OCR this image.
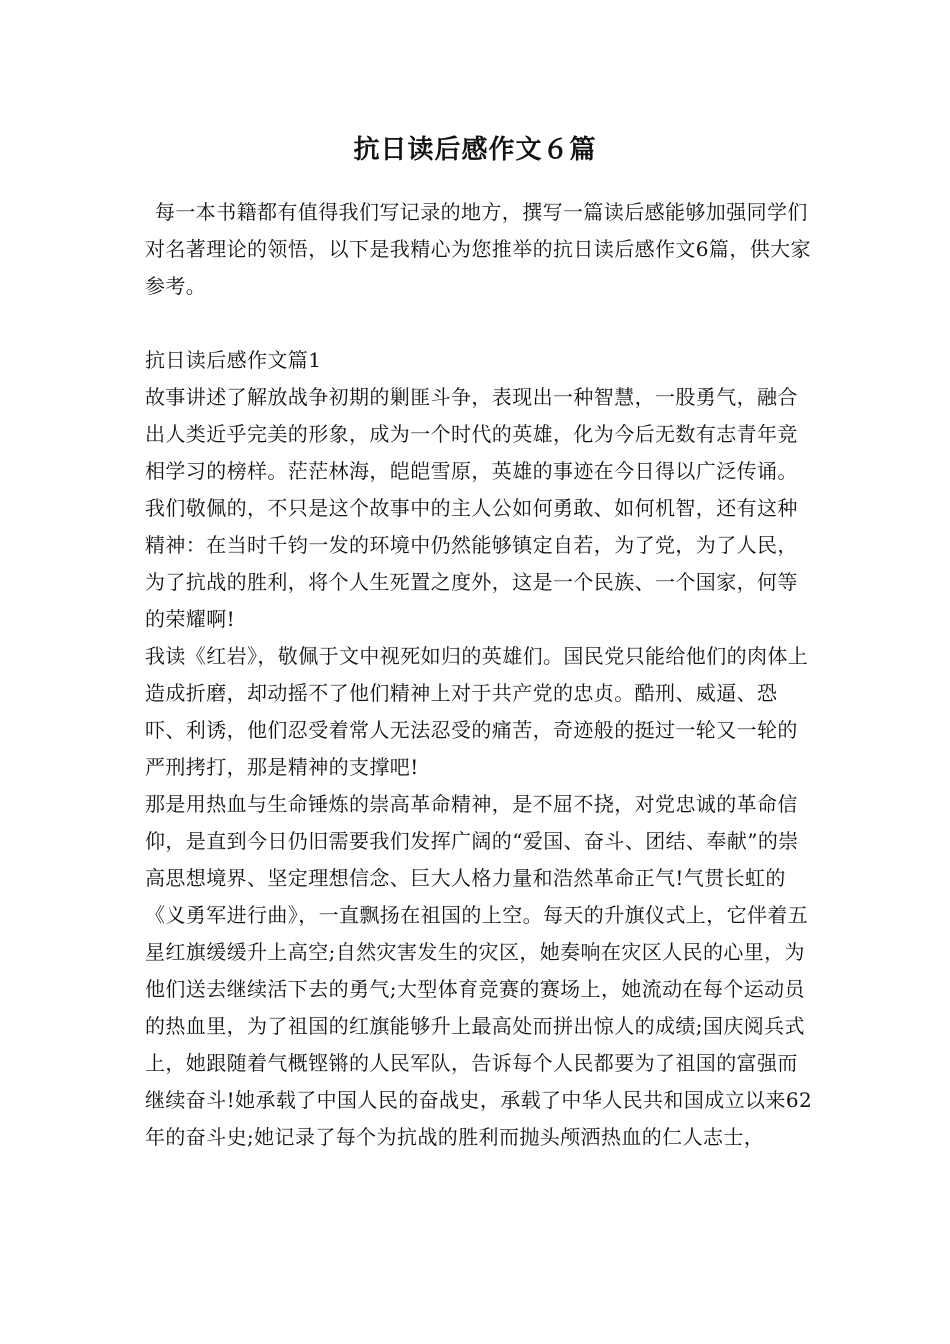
抗日读后感作文６篇

每一本书籍都有值得我们写记录的地方，撰写一篇读后感能够加强同学们对名著理论的领悟，以下是我精心为您推举的抗日读后感作文6篇，供大家参考。

抗日读后感作文篇1

故事讲述了解放战争初期的剿匪斗争，表现出一种智慧，一股勇气，融合出人类近乎完美的形象，成为一个时代的英雄，化为今后无数有志青年竞相学习的榜样。茫茫林海，皑皑雪原，英雄的事迹在今日得以广泛传诵。我们敬佩的，不只是这个故事中的主人公如何勇敢、如何机智，还有这种精神：在当时千钧一发的环境中仍然能够镇定自若，为了党，为了人民，为了抗战的胜利，将个人生死置之度外，这是一个民族、一个国家，何等的荣耀啊!

我读《红岩》，敬佩于文中视死如归的英雄们。国民党只能给他们的肉体上造成折磨，却动摇不了他们精神上对于共产党的忠贞。酷刑、威逼、恐吓、利诱，他们忍受着常人无法忍受的痛苦，奇迹般的挺过一轮又一轮的严刑拷打，那是精神的支撑吧!

那是用热血与生命锤炼的崇高革命精神，是不屈不挠，对党忠诚的革命信仰，是直到今日仍旧需要我们发挥广阔的“爱国、奋斗、团结、奉献”的崇高思想境界、坚定理想信念、巨大人格力量和浩然革命正气!气贯长虹的《义勇军进行曲》，一直飘扬在祖国的上空。每天的升旗仪式上，它伴着五星红旗缓缓升上高空;自然灾害发生的灾区，她奏响在灾区人民的心里，为他们送去继续活下去的勇气;大型体育竞赛的赛场上，她流动在每个运动员的热血里，为了祖国的红旗能够升上最高处而拼出惊人的成绩;国庆阅兵式上，她跟随着气概铿锵的人民军队，告诉每个人民都要为了祖国的富强而继续奋斗!她承载了中国人民的奋战史，承载了中华人民共和国成立以来62年的奋斗史;她记录了每个为抗战的胜利而抛头颅洒热血的仁人志士，
